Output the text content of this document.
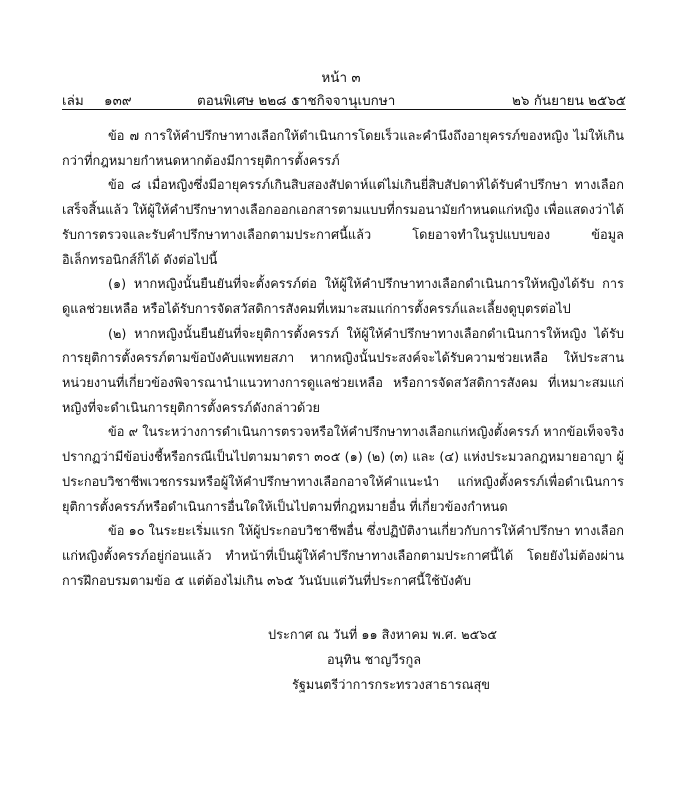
หน้า ๓
เล่ม ๑๓๙	ตอนพิเศษ ๒๒๘ ง
ราชกิจจานุเบกษา	๒๖ กันยายน ๒๕๖๕

ข้อ ๗ การให้คำปรึกษาทางเลือกให้ดำเนินการโดยเร็วและคำนึงถึงอายุครรภ์ของหญิง ไม่ให้เกินกว่าที่กฎหมายกำหนดหากต้องมีการยุติการตั้งครรภ์

ข้อ ๘ เมื่อหญิงซึ่งมีอายุครรภ์เกินสิบสองสัปดาห์แต่ไม่เกินยี่สิบสัปดาห์ได้รับคำปรึกษา ทางเลือกเสร็จสิ้นแล้ว ให้ผู้ให้คำปรึกษาทางเลือกออกเอกสารตามแบบที่กรมอนามัยกำหนดแก่หญิง เพื่อแสดงว่าได้รับการตรวจและรับคำปรึกษาทางเลือกตามประกาศนี้แล้ว โดยอาจทำในรูปแบบของ ข้อมูลอิเล็กทรอนิกส์ก็ได้ ดังต่อไปนี้

(๑) หากหญิงนั้นยืนยันที่จะตั้งครรภ์ต่อ ให้ผู้ให้คำปรึกษาทางเลือกดำเนินการให้หญิงได้รับ การดูแลช่วยเหลือ หรือได้รับการจัดสวัสดิการสังคมที่เหมาะสมแก่การตั้งครรภ์และเลี้ยงดูบุตรต่อไป

(๒) หากหญิงนั้นยืนยันที่จะยุติการตั้งครรภ์ ให้ผู้ให้คำปรึกษาทางเลือกดำเนินการให้หญิง ได้รับการยุติการตั้งครรภ์ตามข้อบังคับแพทยสภา หากหญิงนั้นประสงค์จะได้รับความช่วยเหลือ ให้ประสานหน่วยงานที่เกี่ยวข้องพิจารณานำแนวทางการดูแลช่วยเหลือ หรือการจัดสวัสดิการสังคม ที่เหมาะสมแก่หญิงที่จะดำเนินการยุติการตั้งครรภ์ดังกล่าวด้วย

ข้อ ๙ ในระหว่างการดำเนินการตรวจหรือให้คำปรึกษาทางเลือกแก่หญิงตั้งครรภ์ หากข้อเท็จจริงปรากฏว่ามีข้อบ่งชี้หรือกรณีเป็นไปตามมาตรา ๓๐๕ (๑) (๒) (๓) และ (๔) แห่งประมวลกฎหมายอาญา ผู้ประกอบวิชาชีพเวชกรรมหรือผู้ให้คำปรึกษาทางเลือกอาจให้คำแนะนำ แก่หญิงตั้งครรภ์เพื่อดำเนินการยุติการตั้งครรภ์หรือดำเนินการอื่นใดให้เป็นไปตามที่กฎหมายอื่น ที่เกี่ยวข้องกำหนด

ข้อ ๑๐ ในระยะเริ่มแรก ให้ผู้ประกอบวิชาชีพอื่น ซึ่งปฏิบัติงานเกี่ยวกับการให้คำปรึกษา ทางเลือกแก่หญิงตั้งครรภ์อยู่ก่อนแล้ว ทำหน้าที่เป็นผู้ให้คำปรึกษาทางเลือกตามประกาศนี้ได้ โดยยังไม่ต้องผ่านการฝึกอบรมตามข้อ ๕ แต่ต้องไม่เกิน ๓๖๕ วันนับแต่วันที่ประกาศนี้ใช้บังคับ

ประกาศ ณ วันที่ ๑๑ สิงหาคม พ.ศ. ๒๕๖๕
อนุทิน ชาญวีรกูล
รัฐมนตรีว่าการกระทรวงสาธารณสุข
